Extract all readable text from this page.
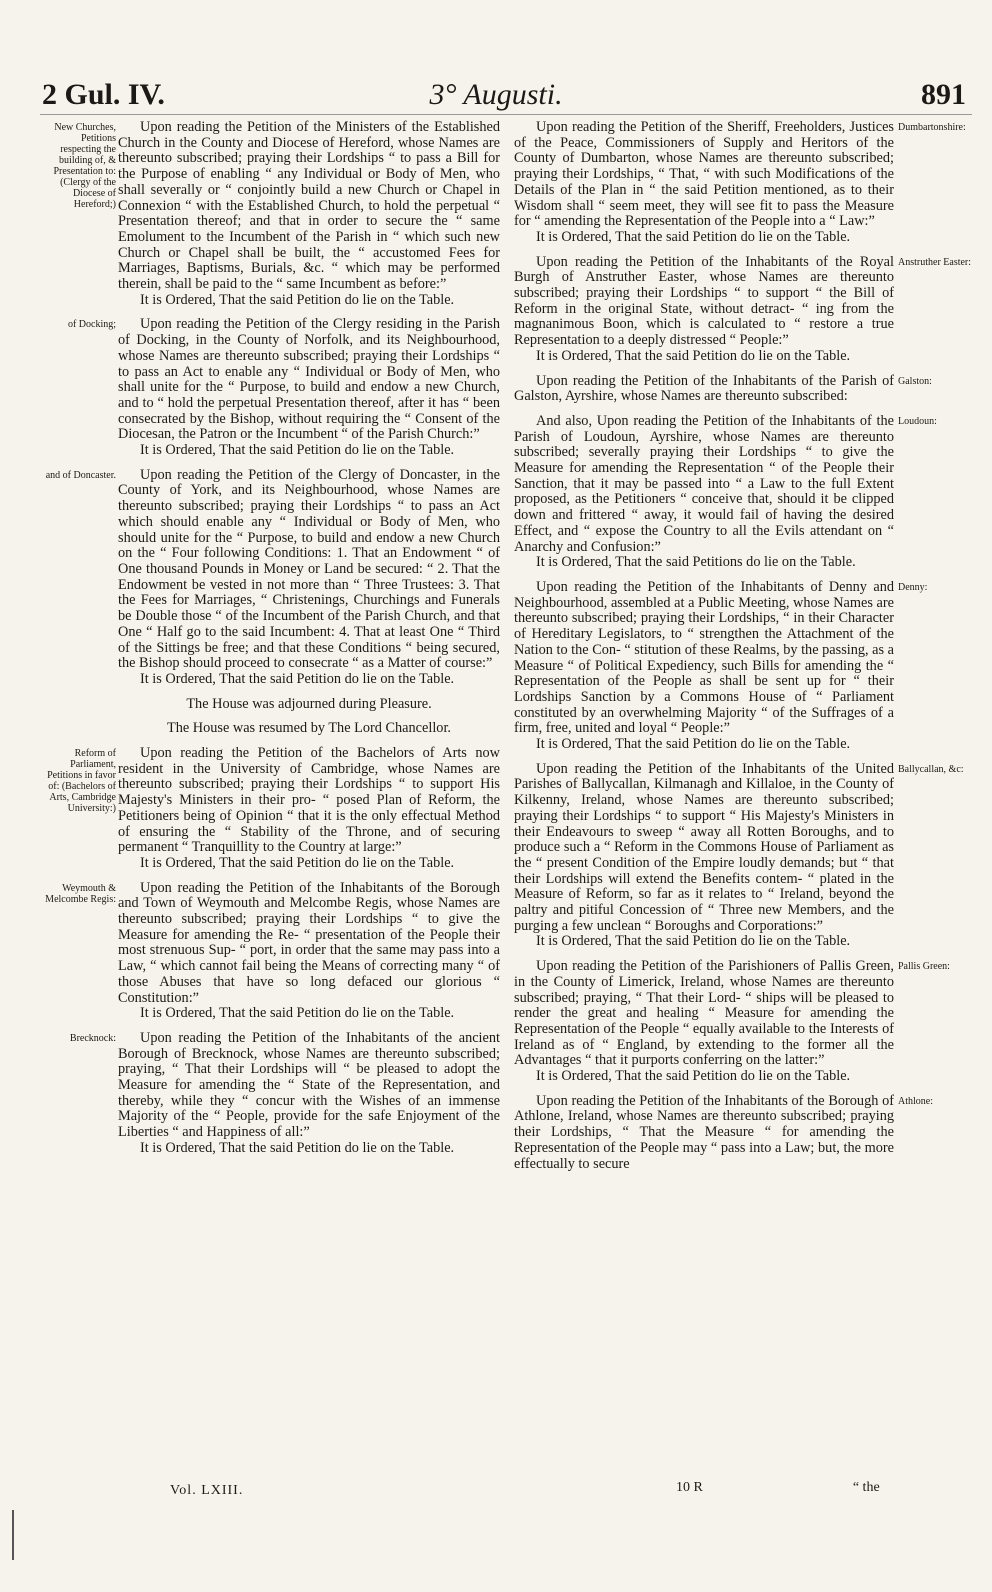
2 Gul. IV.	3° Augusti.	891

Upon reading the Petition of the Ministers of the Established Church in the County and Diocese of Hereford, whose Names are thereunto subscribed; praying their Lordships “ to pass a Bill for the Purpose of enabling “ any Individual or Body of Men, who shall severally or “ conjointly build a new Church or Chapel in Connexion “ with the Established Church, to hold the perpetual “ Presentation thereof; and that in order to secure the “ same Emolument to the Incumbent of the Parish in “ which such new Church or Chapel shall be built, the “ accustomed Fees for Marriages, Baptisms, Burials, &c. “ which may be performed therein, shall be paid to the “ same Incumbent as before:”

It is Ordered, That the said Petition do lie on the Table.

Upon reading the Petition of the Clergy residing in the Parish of Docking, in the County of Norfolk, and its Neighbourhood, whose Names are thereunto subscribed; praying their Lordships “ to pass an Act to enable any “ Individual or Body of Men, who shall unite for the “ Purpose, to build and endow a new Church, and to “ hold the perpetual Presentation thereof, after it has “ been consecrated by the Bishop, without requiring the “ Consent of the Diocesan, the Patron or the Incumbent “ of the Parish Church:”

It is Ordered, That the said Petition do lie on the Table.

Upon reading the Petition of the Clergy of Doncaster, in the County of York, and its Neighbourhood, whose Names are thereunto subscribed; praying their Lordships “ to pass an Act which should enable any “ Individual or Body of Men, who should unite for the “ Purpose, to build and endow a new Church on the “ Four following Conditions: 1. That an Endowment “ of One thousand Pounds in Money or Land be secured: “ 2. That the Endowment be vested in not more than “ Three Trustees: 3. That the Fees for Marriages, “ Christenings, Churchings and Funerals be Double those “ of the Incumbent of the Parish Church, and that One “ Half go to the said Incumbent: 4. That at least One “ Third of the Sittings be free; and that these Conditions “ being secured, the Bishop should proceed to consecrate “ as a Matter of course:”

It is Ordered, That the said Petition do lie on the Table.

The House was adjourned during Pleasure.
The House was resumed by The Lord Chancellor.

Upon reading the Petition of the Bachelors of Arts now resident in the University of Cambridge, whose Names are thereunto subscribed; praying their Lordships “ to support His Majesty's Ministers in their pro- “ posed Plan of Reform, the Petitioners being of Opinion “ that it is the only effectual Method of ensuring the “ Stability of the Throne, and of securing permanent “ Tranquillity to the Country at large:”

It is Ordered, That the said Petition do lie on the Table.

Upon reading the Petition of the Inhabitants of the Borough and Town of Weymouth and Melcombe Regis, whose Names are thereunto subscribed; praying their Lordships “ to give the Measure for amending the Re- “ presentation of the People their most strenuous Sup- “ port, in order that the same may pass into a Law, “ which cannot fail being the Means of correcting many “ of those Abuses that have so long defaced our glorious “ Constitution:”

It is Ordered, That the said Petition do lie on the Table.

Upon reading the Petition of the Inhabitants of the ancient Borough of Brecknock, whose Names are thereunto subscribed; praying, “ That their Lordships will “ be pleased to adopt the Measure for amending the “ State of the Representation, and thereby, while they “ concur with the Wishes of an immense Majority of the “ People, provide for the safe Enjoyment of the Liberties “ and Happiness of all:”

It is Ordered, That the said Petition do lie on the Table.

Upon reading the Petition of the Sheriff, Freeholders, Justices of the Peace, Commissioners of Supply and Heritors of the County of Dumbarton, whose Names are thereunto subscribed; praying their Lordships, “ That, “ with such Modifications of the Details of the Plan in “ the said Petition mentioned, as to their Wisdom shall “ seem meet, they will see fit to pass the Measure for “ amending the Representation of the People into a “ Law:”

It is Ordered, That the said Petition do lie on the Table.

Upon reading the Petition of the Inhabitants of the Royal Burgh of Anstruther Easter, whose Names are thereunto subscribed; praying their Lordships “ to support “ the Bill of Reform in the original State, without detract- “ ing from the magnanimous Boon, which is calculated to “ restore a true Representation to a deeply distressed “ People:”

It is Ordered, That the said Petition do lie on the Table.

Upon reading the Petition of the Inhabitants of the Parish of Galston, Ayrshire, whose Names are thereunto subscribed:

And also, Upon reading the Petition of the Inhabitants of the Parish of Loudoun, Ayrshire, whose Names are thereunto subscribed; severally praying their Lordships “ to give the Measure for amending the Representation “ of the People their Sanction, that it may be passed into “ a Law to the full Extent proposed, as the Petitioners “ conceive that, should it be clipped down and frittered “ away, it would fail of having the desired Effect, and “ expose the Country to all the Evils attendant on “ Anarchy and Confusion:”

It is Ordered, That the said Petitions do lie on the Table.

Upon reading the Petition of the Inhabitants of Denny and Neighbourhood, assembled at a Public Meeting, whose Names are thereunto subscribed; praying their Lordships, “ in their Character of Hereditary Legislators, to “ strengthen the Attachment of the Nation to the Con- “ stitution of these Realms, by the passing, as a Measure “ of Political Expediency, such Bills for amending the “ Representation of the People as shall be sent up for “ their Lordships Sanction by a Commons House of “ Parliament constituted by an overwhelming Majority “ of the Suffrages of a firm, free, united and loyal “ People:”

It is Ordered, That the said Petition do lie on the Table.

Upon reading the Petition of the Inhabitants of the United Parishes of Ballycallan, Kilmanagh and Killaloe, in the County of Kilkenny, Ireland, whose Names are thereunto subscribed; praying their Lordships “ to support “ His Majesty's Ministers in their Endeavours to sweep “ away all Rotten Boroughs, and to produce such a “ Reform in the Commons House of Parliament as the “ present Condition of the Empire loudly demands; but “ that their Lordships will extend the Benefits contem- “ plated in the Measure of Reform, so far as it relates to “ Ireland, beyond the paltry and pitiful Concession of “ Three new Members, and the purging a few unclean “ Boroughs and Corporations:”

It is Ordered, That the said Petition do lie on the Table.

Upon reading the Petition of the Parishioners of Pallis Green, in the County of Limerick, Ireland, whose Names are thereunto subscribed; praying, “ That their Lord- “ ships will be pleased to render the great and healing “ Measure for amending the Representation of the People “ equally available to the Interests of Ireland as of “ England, by extending to the former all the Advantages “ that it purports conferring on the latter:”

It is Ordered, That the said Petition do lie on the Table.

Upon reading the Petition of the Inhabitants of the Borough of Athlone, Ireland, whose Names are thereunto subscribed; praying their Lordships, “ That the Measure “ for amending the Representation of the People may “ pass into a Law; but, the more effectually to secure

Vol. LXIII.	10 R	“ the
New Churches, Petitions respecting the building of, & Presentation to: (Clergy of the Diocese of Hereford;)
of Docking;
and of Doncaster.
Reform of Parliament, Petitions in favor of: (Bachelors of Arts, Cambridge University:)
Weymouth & Melcombe Regis:
Brecknock:
Dumbartonshire:
Anstruther Easter:
Galston:
Loudoun:
Denny:
Ballycallan, &c:
Pallis Green:
Athlone:
